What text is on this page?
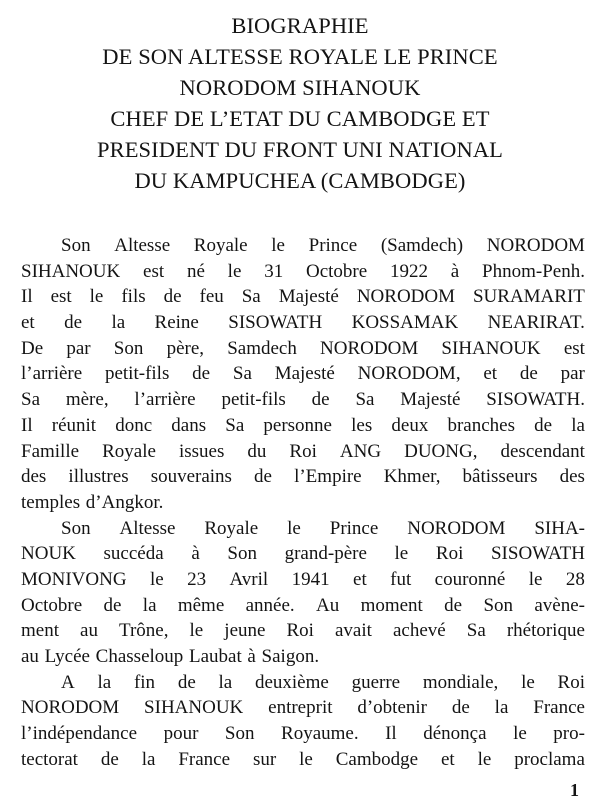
BIOGRAPHIE
DE SON ALTESSE ROYALE LE PRINCE
NORODOM SIHANOUK
CHEF DE L’ETAT DU CAMBODGE ET
PRESIDENT DU FRONT UNI NATIONAL
DU KAMPUCHEA (CAMBODGE)
Son Altesse Royale le Prince (Samdech) NORODOM
SIHANOUK est né le 31 Octobre 1922 à Phnom-Penh.
Il est le fils de feu Sa Majesté NORODOM SURAMARIT
et de la Reine SISOWATH KOSSAMAK NEARIRAT.
De par Son père, Samdech NORODOM SIHANOUK est
l’arrière petit-fils de Sa Majesté NORODOM, et de par
Sa mère, l’arrière petit-fils de Sa Majesté SISOWATH.
Il réunit donc dans Sa personne les deux branches de la
Famille Royale issues du Roi ANG DUONG, descendant
des illustres souverains de l’Empire Khmer, bâtisseurs des
temples d’Angkor.
Son Altesse Royale le Prince NORODOM SIHA-
NOUK succéda à Son grand-père le Roi SISOWATH
MONIVONG le 23 Avril 1941 et fut couronné le 28
Octobre de la même année. Au moment de Son avène-
ment au Trône, le jeune Roi avait achevé Sa rhétorique
au Lycée Chasseloup Laubat à Saigon.
A la fin de la deuxième guerre mondiale, le Roi
NORODOM SIHANOUK entreprit d’obtenir de la France
l’indépendance pour Son Royaume. Il dénonça le pro-
tectorat de la France sur le Cambodge et le proclama
1
